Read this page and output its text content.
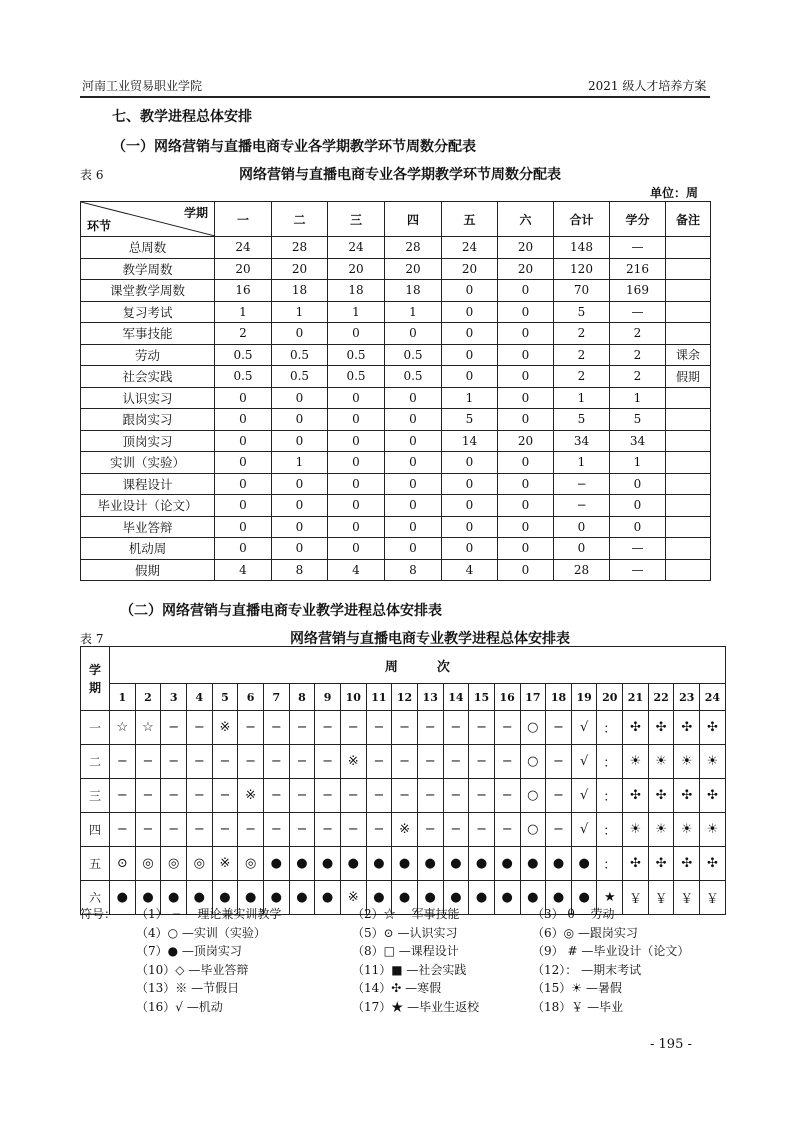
河南工业贸易职业学院	2021 级人才培养方案
七、教学进程总体安排
（一）网络营销与直播电商专业各学期教学环节周数分配表
表 6	网络营销与直播电商专业各学期教学环节周数分配表
单位：周
学期
环节	一	二	三	四	五	六	合计	学分	备注
总周数	24	28	24	28	24	20	148	—	
教学周数	20	20	20	20	20	20	120	216	
课堂教学周数	16	18	18	18	0	0	70	169	
复习考试	1	1	1	1	0	0	5	—	
军事技能	2	0	0	0	0	0	2	2	
劳动	0.5	0.5	0.5	0.5	0	0	2	2	课余
社会实践	0.5	0.5	0.5	0.5	0	0	2	2	假期
认识实习	0	0	0	0	1	0	1	1	
跟岗实习	0	0	0	0	5	0	5	5	
顶岗实习	0	0	0	0	14	20	34	34	
实训（实验）	0	1	0	0	0	0	1	1	
课程设计	0	0	0	0	0	0	−	0	
毕业设计（论文）	0	0	0	0	0	0	−	0	
毕业答辩	0	0	0	0	0	0	0	0	
机动周	0	0	0	0	0	0	0	—	
假期	4	8	4	8	4	0	28	—	
（二）网络营销与直播电商专业教学进程总体安排表
表 7	网络营销与直播电商专业教学进程总体安排表
学
期	周　　　次																							
	1	2	3	4	5	6	7	8	9	10	11	12	13	14	15	16	17	18	19	20	21	22	23	24
一	☆	☆	−	−	※	−	−	−	−	−	−	−	−	−	−	−	○	−	√	：	✣	✣	✣	✣
二	−	−	−	−	−	−	−	−	−	※	−	−	−	−	−	−	○	−	√	：	☀	☀	☀	☀
三	−	−	−	−	−	※	−	−	−	−	−	−	−	−	−	−	○	−	√	：	✣	✣	✣	✣
四	−	−	−	−	−	−	−	−	−	−	−	※	−	−	−	−	○	−	√	：	☀	☀	☀	☀
五	⊙	◎	◎	◎	※	◎	●	●	●	●	●	●	●	●	●	●	●	●	●	：	✣	✣	✣	✣
六	●	●	●	●	●	●	●	●	●	※	●	●	●	●	●	●	●	●	●	★	￥	￥	￥	￥
符号： （1） − —理论兼实训教学	（2）☆ —军事技能	（3） θ —劳动
（4）○ —实训（实验）	（5）⊙ —认识实习	（6）◎ —跟岗实习
（7）● —顶岗实习	（8）□ —课程设计	（9） # —毕业设计（论文）
（10）◇ —毕业答辩	（11）■ —社会实践	（12）： —期末考试
（13）※ —节假日	（14）✣ —寒假	（15）☀ —暑假
（16）√ —机动	（17）★ —毕业生返校	（18）￥ —毕业
- 195 -
